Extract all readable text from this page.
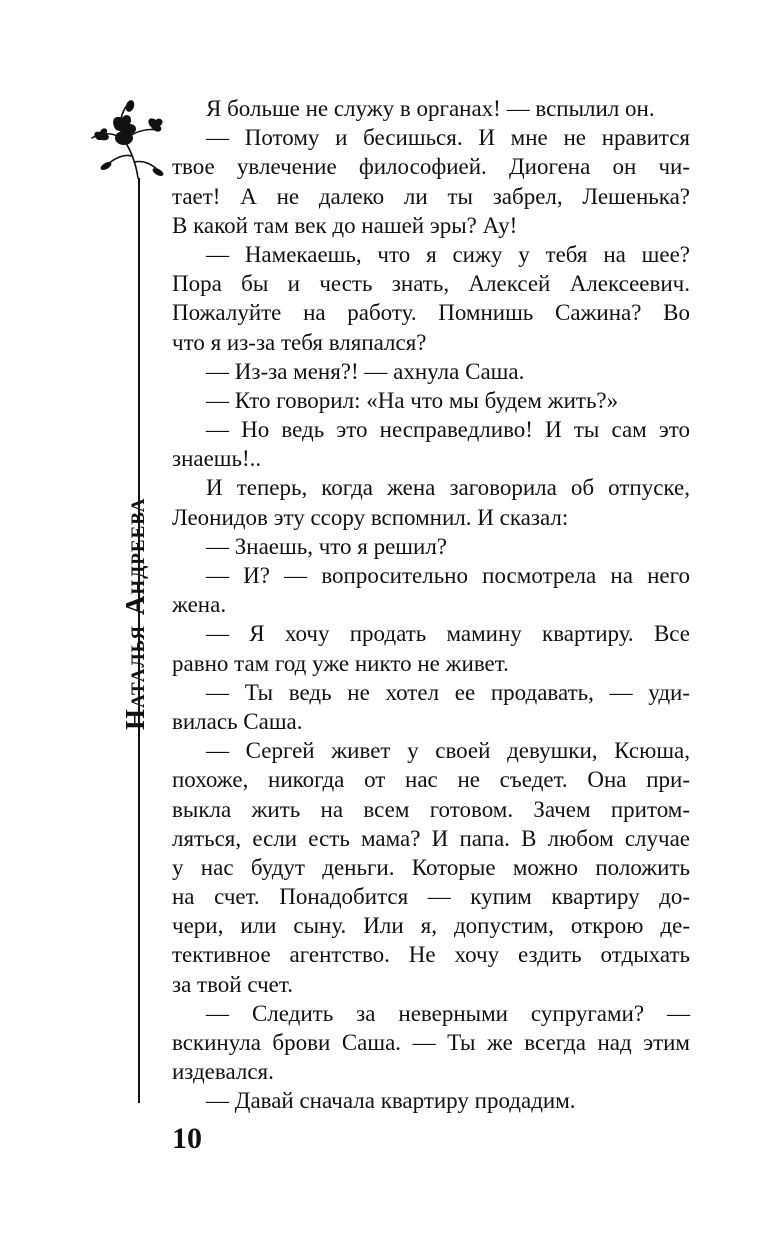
НатальяАндреева
Я больше не служу в органах! — вспылил он.
— Потому и бесишься. И мне не нравится
твое увлечение философией. Диогена он чи-
тает! А не далеко ли ты забрел, Лешенька?
В какой там век до нашей эры? Ау!
— Намекаешь, что я сижу у тебя на шее?
Пора бы и честь знать, Алексей Алексеевич.
Пожалуйте на работу. Помнишь Сажина? Во
что я из-за тебя вляпался?
— Из-за меня?! — ахнула Саша.
— Кто говорил: «На что мы будем жить?»
— Но ведь это несправедливо! И ты сам это
знаешь!..
И теперь, когда жена заговорила об отпуске,
Леонидов эту ссору вспомнил. И сказал:
— Знаешь, что я решил?
— И? — вопросительно посмотрела на него
жена.
— Я хочу продать мамину квартиру. Все
равно там год уже никто не живет.
— Ты ведь не хотел ее продавать, — уди-
вилась Саша.
— Сергей живет у своей девушки, Ксюша,
похоже, никогда от нас не съедет. Она при-
выкла жить на всем готовом. Зачем притом-
ляться, если есть мама? И папа. В любом случае
у нас будут деньги. Которые можно положить
на счет. Понадобится — купим квартиру до-
чери, или сыну. Или я, допустим, открою де-
тективное агентство. Не хочу ездить отдыхать
за твой счет.
— Следить за неверными супругами? —
вскинула брови Саша. — Ты же всегда над этим
издевался.
— Давай сначала квартиру продадим.
10
